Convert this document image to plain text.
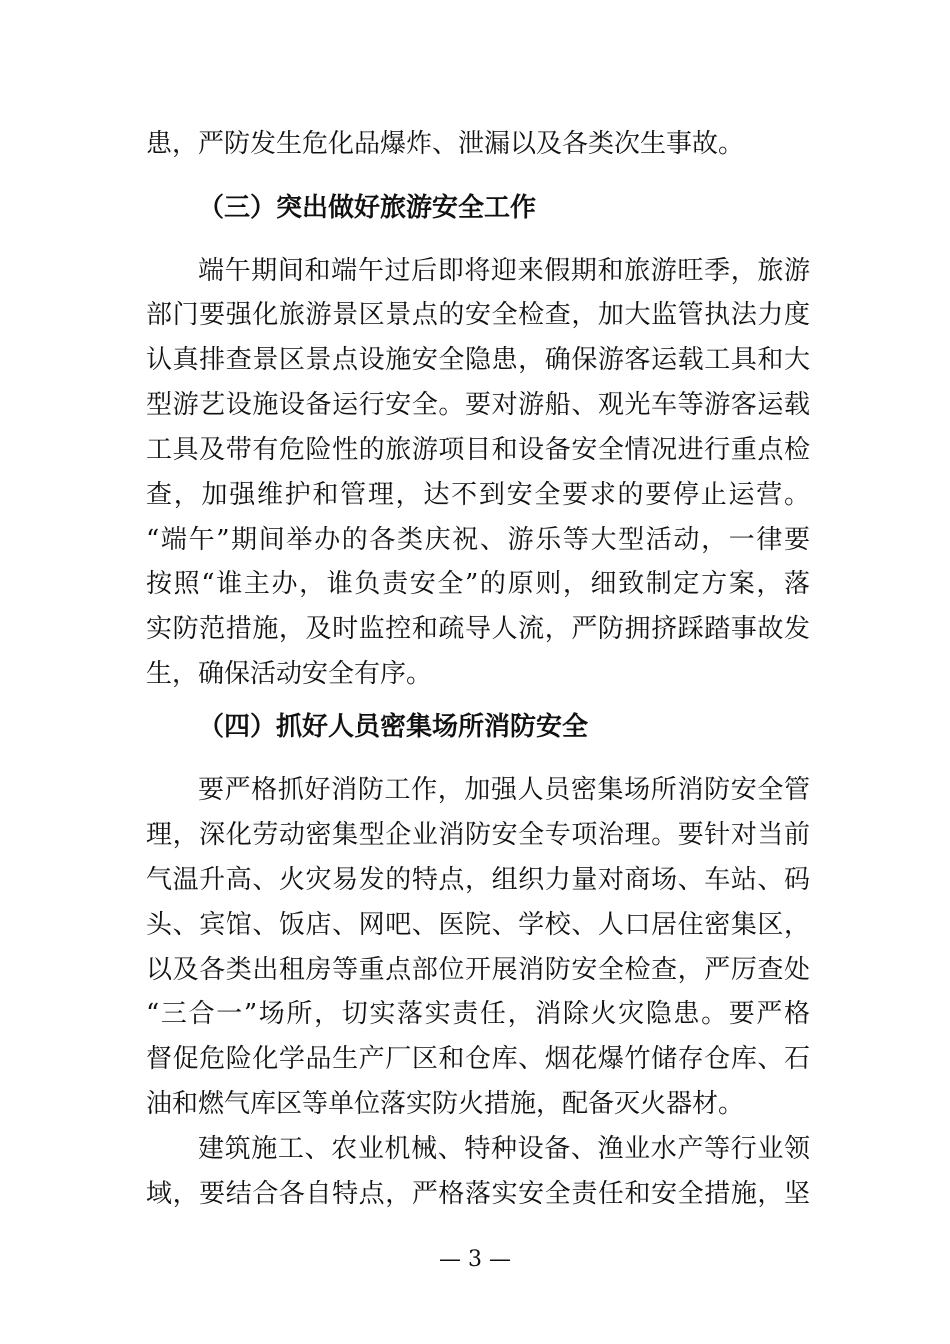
患，严防发生危化品爆炸、泄漏以及各类次生事故。
（三）突出做好旅游安全工作
端午期间和端午过后即将迎来假期和旅游旺季，旅游
部门要强化旅游景区景点的安全检查，加大监管执法力度
认真排查景区景点设施安全隐患，确保游客运载工具和大
型游艺设施设备运行安全。要对游船、观光车等游客运载
工具及带有危险性的旅游项目和设备安全情况进行重点检
查，加强维护和管理，达不到安全要求的要停止运营。
“端午”期间举办的各类庆祝、游乐等大型活动，一律要
按照“谁主办，谁负责安全”的原则，细致制定方案，落
实防范措施，及时监控和疏导人流，严防拥挤踩踏事故发
生，确保活动安全有序。
（四）抓好人员密集场所消防安全
要严格抓好消防工作，加强人员密集场所消防安全管
理，深化劳动密集型企业消防安全专项治理。要针对当前
气温升高、火灾易发的特点，组织力量对商场、车站、码
头、宾馆、饭店、网吧、医院、学校、人口居住密集区，
以及各类出租房等重点部位开展消防安全检查，严厉查处
“三合一”场所，切实落实责任，消除火灾隐患。要严格
督促危险化学品生产厂区和仓库、烟花爆竹储存仓库、石
油和燃气库区等单位落实防火措施，配备灭火器材。
建筑施工、农业机械、特种设备、渔业水产等行业领
域，要结合各自特点，严格落实安全责任和安全措施，坚
— 3 —
